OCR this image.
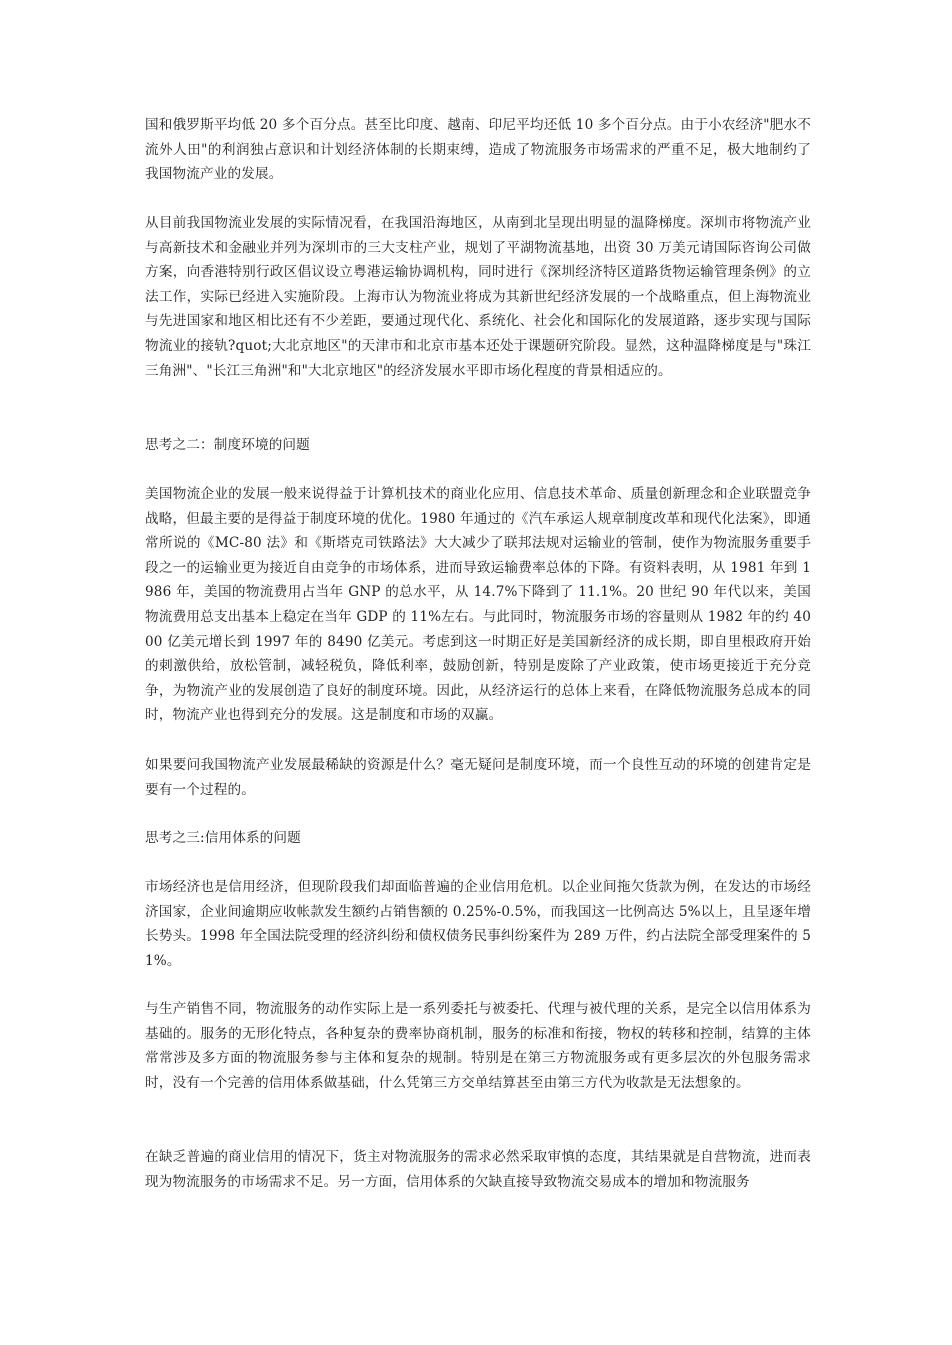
国和俄罗斯平均低 20 多个百分点。甚至比印度、越南、印尼平均还低 10 多个百分点。由于小农经济"肥水不流外人田"的利润独占意识和计划经济体制的长期束缚，造成了物流服务市场需求的严重不足，极大地制约了我国物流产业的发展。

从目前我国物流业发展的实际情况看，在我国沿海地区，从南到北呈现出明显的温降梯度。深圳市将物流产业与高新技术和金融业并列为深圳市的三大支柱产业，规划了平湖物流基地，出资 30 万美元请国际咨询公司做方案，向香港特别行政区倡议设立粤港运输协调机构，同时进行《深圳经济特区道路货物运输管理条例》的立法工作，实际已经进入实施阶段。上海市认为物流业将成为其新世纪经济发展的一个战略重点，但上海物流业与先进国家和地区相比还有不少差距，要通过现代化、系统化、社会化和国际化的发展道路，逐步实现与国际物流业的接轨?quot;大北京地区"的天津市和北京市基本还处于课题研究阶段。显然，这种温降梯度是与"珠江三角洲"、"长江三角洲"和"大北京地区"的经济发展水平即市场化程度的背景相适应的。

思考之二：制度环境的问题

美国物流企业的发展一般来说得益于计算机技术的商业化应用、信息技术革命、质量创新理念和企业联盟竞争战略，但最主要的是得益于制度环境的优化。1980 年通过的《汽车承运人规章制度改革和现代化法案》，即通常所说的《MC-80 法》和《斯塔克司铁路法》大大减少了联邦法规对运输业的管制，使作为物流服务重要手段之一的运输业更为接近自由竞争的市场体系，进而导致运输费率总体的下降。有资料表明，从 1981 年到 1986 年，美国的物流费用占当年 GNP 的总水平，从 14.7%下降到了 11.1%。20 世纪 90 年代以来，美国物流费用总支出基本上稳定在当年 GDP 的 11%左右。与此同时，物流服务市场的容量则从 1982 年的约 4000 亿美元增长到 1997 年的 8490 亿美元。考虑到这一时期正好是美国新经济的成长期，即自里根政府开始的刺激供给，放松管制，减轻税负，降低利率，鼓励创新，特别是废除了产业政策，使市场更接近于充分竞争，为物流产业的发展创造了良好的制度环境。因此，从经济运行的总体上来看，在降低物流服务总成本的同时，物流产业也得到充分的发展。这是制度和市场的双赢。

如果要问我国物流产业发展最稀缺的资源是什么？毫无疑问是制度环境，而一个良性互动的环境的创建肯定是要有一个过程的。

思考之三:信用体系的问题

市场经济也是信用经济，但现阶段我们却面临普遍的企业信用危机。以企业间拖欠货款为例，在发达的市场经济国家，企业间逾期应收帐款发生额约占销售额的 0.25%-0.5%，而我国这一比例高达 5%以上，且呈逐年增长势头。1998 年全国法院受理的经济纠纷和债权债务民事纠纷案件为 289 万件，约占法院全部受理案件的 51%。

与生产销售不同，物流服务的动作实际上是一系列委托与被委托、代理与被代理的关系，是完全以信用体系为基础的。服务的无形化特点，各种复杂的费率协商机制，服务的标准和衔接，物权的转移和控制，结算的主体常常涉及多方面的物流服务参与主体和复杂的规制。特别是在第三方物流服务或有更多层次的外包服务需求时，没有一个完善的信用体系做基础，什么凭第三方交单结算甚至由第三方代为收款是无法想象的。

在缺乏普遍的商业信用的情况下，货主对物流服务的需求必然采取审慎的态度，其结果就是自营物流，进而表现为物流服务的市场需求不足。另一方面，信用体系的欠缺直接导致物流交易成本的增加和物流服务
